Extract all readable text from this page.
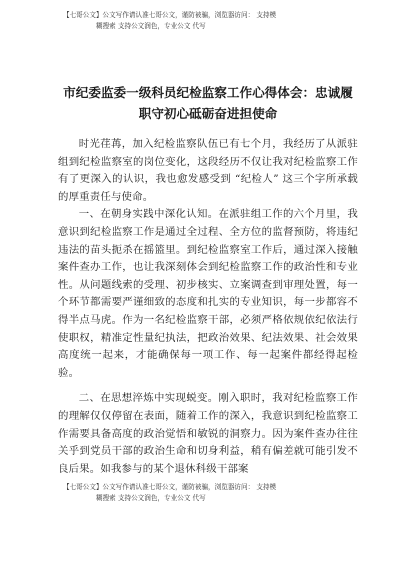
【七哥公文】公文写作请认准七哥公文，谨防被骗，浏览器访问： 支持模
糊搜索 支持公文润色，专业公文 代写
市纪委监委一级科员纪检监察工作心得体会：忠诚履职守初心砥砺奋进担使命

时光荏苒，加入纪检监察队伍已有七个月，我经历了从派驻组到纪检监察室的岗位变化，这段经历不仅让我对纪检监察工作有了更深入的认识，我也愈发感受到 “纪检人” 这三个字所承载的厚重责任与使命。

一、在朝身实践中深化认知。在派驻组工作的六个月里，我意识到纪检监察工作是通过全过程、全方位的监督预防，将违纪违法的苗头扼杀在摇篮里。到纪检监察室工作后，通过深入接触案件查办工作，也让我深刻体会到纪检监察工作的政治性和专业性。从问题线索的受理、初步核实、立案调查到审理处置，每一个环节都需要严谨细致的态度和扎实的专业知识，每一步都容不得半点马虎。作为一名纪检监察干部，必须严格依规依纪依法行使职权，精准定性量纪执法，把政治效果、纪法效果、社会效果高度统一起来，才能确保每一项工作、每一起案件都经得起检验。

二、在思想淬炼中实现蜕变。刚入职时，我对纪检监察工作的理解仅仅停留在表面，随着工作的深入，我意识到纪检监察工作需要具备高度的政治觉悟和敏锐的洞察力。因为案件查办往往关乎到党员干部的政治生命和切身利益，稍有偏差就可能引发不良后果。如我参与的某个退休科级干部案

【七哥公文】公文写作请认准七哥公文，谨防被骗，浏览器访问： 支持模
糊搜索 支持公文润色，专业公文 代写
